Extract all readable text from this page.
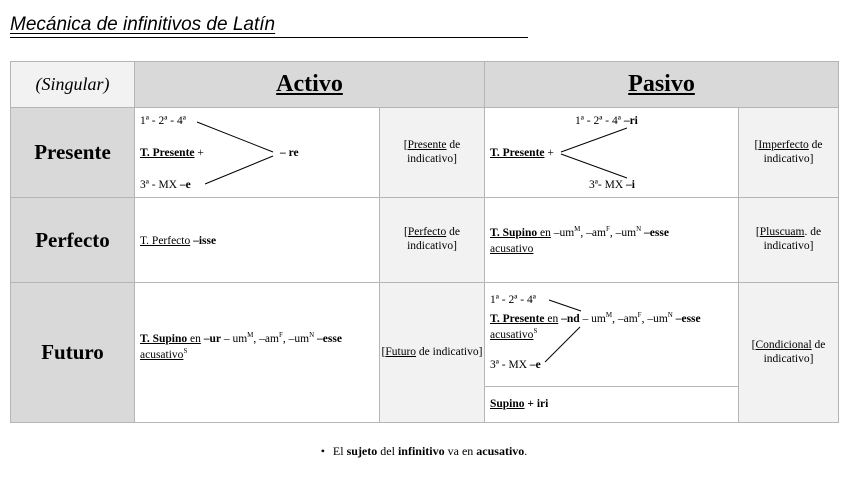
Mecánica de infinitivos de Latín
(Singular)	Activo		Pasivo	
Presente	1ª - 2ª - 4ª
T. Presente + – re
3ª - MX –e	[Presente de indicativo]	1ª - 2ª - 4ª –ri
T. Presente +
3ª- MX –i	[Imperfecto de indicativo]
Perfecto	T. Perfecto –isse	[Perfecto de indicativo]	T. Supino en $-um^M$, $-am^F$, $-um^N$ –esse
acusativo	[Pluscuam. de indicativo]
Futuro	T. Supino en $-ur - um^M$, $-am^F$, $-um^N$ –esse
acusativo$^S$	[Futuro de indicativo]	1ª - 2ª - 4ª
T. Presente en $-nd - um^M$, $-am^F$, $-um^N$ –esse
acusativo$^S$
3ª - MX –e	[Condicional de indicativo]

			Supino + iri	
• El sujeto del infinitivo va en acusativo.
